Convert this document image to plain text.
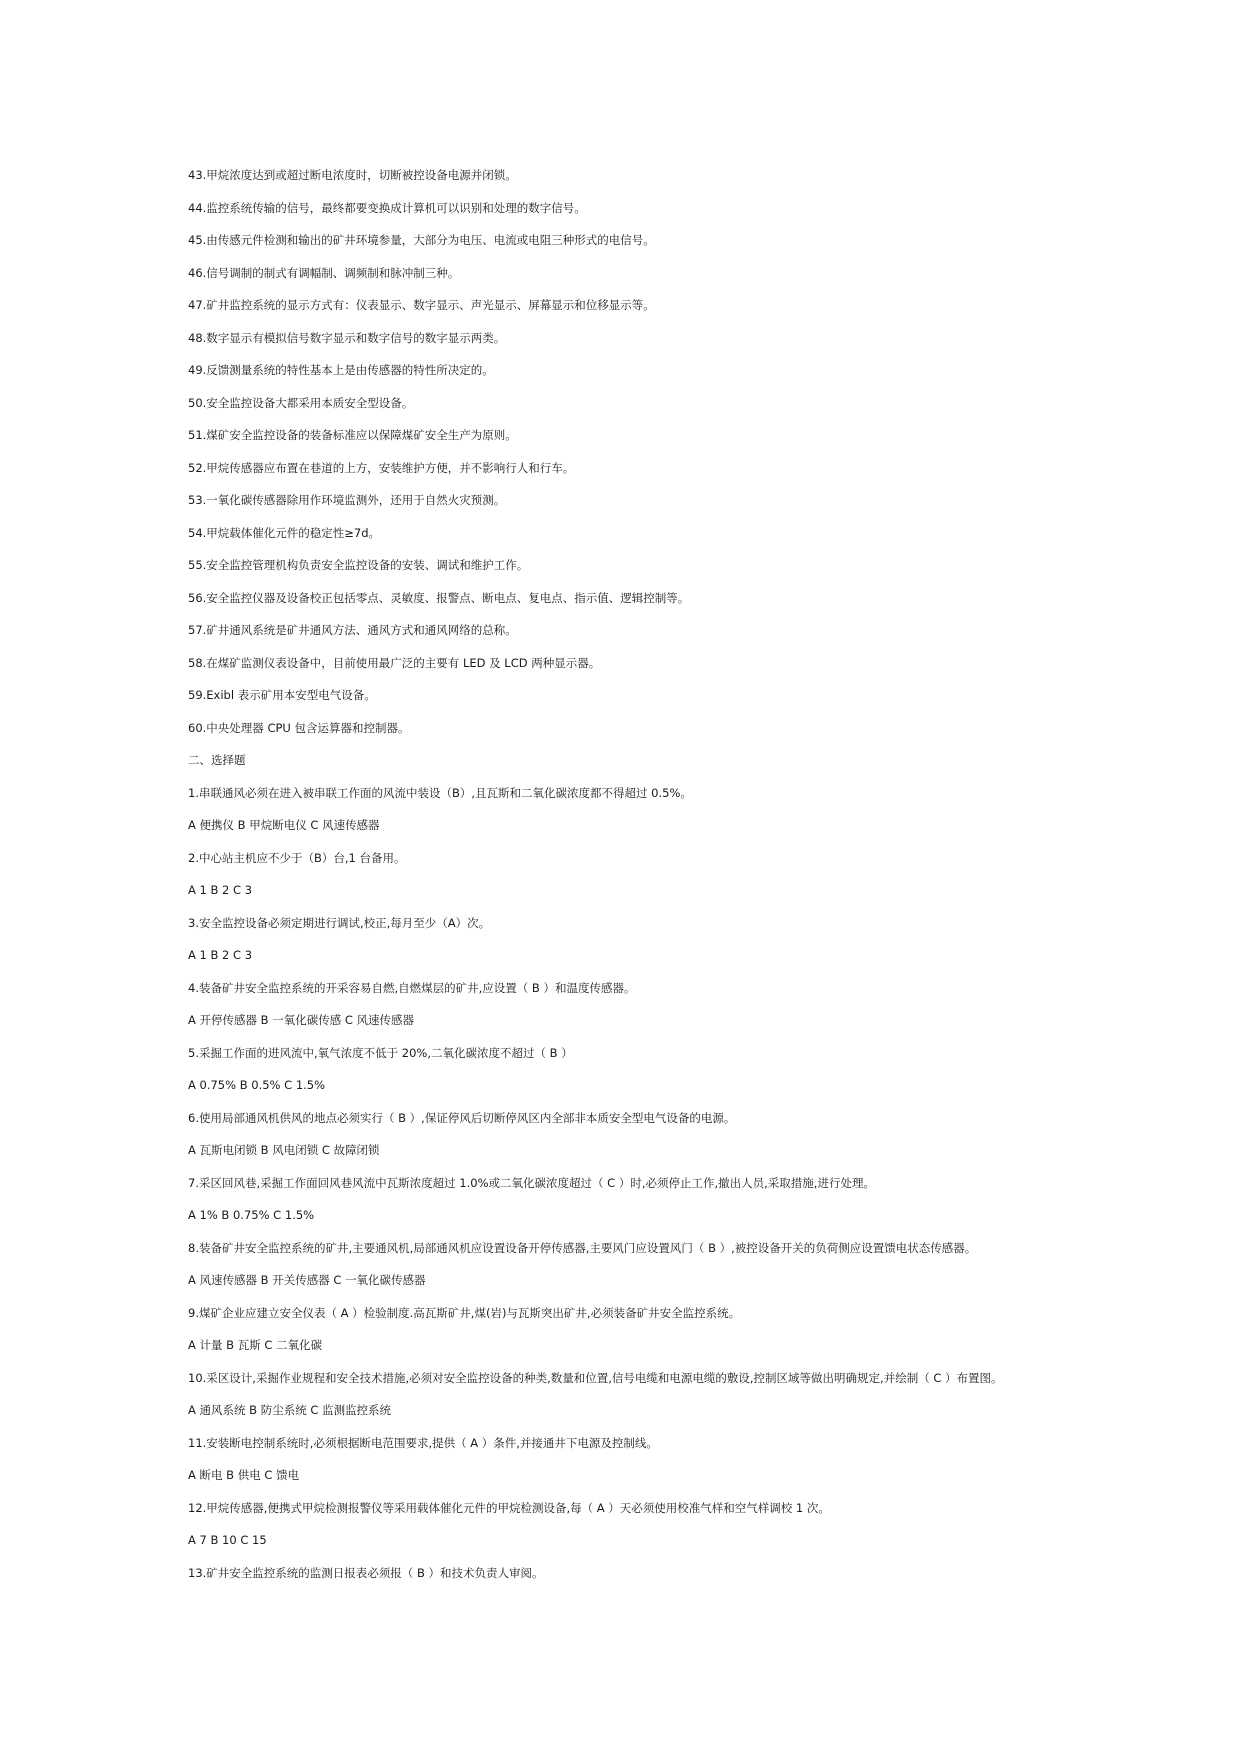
43.甲烷浓度达到或超过断电浓度时，切断被控设备电源并闭锁。
44.监控系统传输的信号，最终都要变换成计算机可以识别和处理的数字信号。
45.由传感元件检测和输出的矿井环境参量，大部分为电压、电流或电阻三种形式的电信号。
46.信号调制的制式有调幅制、调频制和脉冲制三种。
47.矿井监控系统的显示方式有：仪表显示、数字显示、声光显示、屏幕显示和位移显示等。
48.数字显示有模拟信号数字显示和数字信号的数字显示两类。
49.反馈测量系统的特性基本上是由传感器的特性所决定的。
50.安全监控设备大都采用本质安全型设备。
51.煤矿安全监控设备的装备标准应以保障煤矿安全生产为原则。
52.甲烷传感器应布置在巷道的上方，安装维护方便，并不影响行人和行车。
53.一氧化碳传感器除用作环境监测外，还用于自然火灾预测。
54.甲烷载体催化元件的稳定性≥7d。
55.安全监控管理机构负责安全监控设备的安装、调试和维护工作。
56.安全监控仪器及设备校正包括零点、灵敏度、报警点、断电点、复电点、指示值、逻辑控制等。
57.矿井通风系统是矿井通风方法、通风方式和通风网络的总称。
58.在煤矿监测仪表设备中，目前使用最广泛的主要有 LED 及 LCD 两种显示器。
59.Exibl 表示矿用本安型电气设备。
60.中央处理器 CPU 包含运算器和控制器。
二、选择题
1.串联通风必须在进入被串联工作面的风流中装设（B）,且瓦斯和二氧化碳浓度都不得超过 0.5%。
A 便携仪 B 甲烷断电仪 C 风速传感器
2.中心站主机应不少于（B）台,1 台备用。
A 1 B 2 C 3
3.安全监控设备必须定期进行调试,校正,每月至少（A）次。
A 1 B 2 C 3
4.装备矿井安全监控系统的开采容易自燃,自燃煤层的矿井,应设置（ B ）和温度传感器。
A 开停传感器 B 一氧化碳传感 C 风速传感器
5.采掘工作面的进风流中,氧气浓度不低于 20%,二氧化碳浓度不超过（ B ）
A 0.75% B 0.5% C 1.5%
6.使用局部通风机供风的地点必须实行（ B ）,保证停风后切断停风区内全部非本质安全型电气设备的电源。
A 瓦斯电闭锁 B 风电闭锁 C 故障闭锁
7.采区回风巷,采掘工作面回风巷风流中瓦斯浓度超过 1.0%或二氧化碳浓度超过（ C ）时,必须停止工作,撤出人员,采取措施,进行处理。
A 1% B 0.75% C 1.5%
8.装备矿井安全监控系统的矿井,主要通风机,局部通风机应设置设备开停传感器,主要风门应设置风门（ B ）,被控设备开关的负荷侧应设置馈电状态传感器。
A 风速传感器 B 开关传感器 C 一氧化碳传感器
9.煤矿企业应建立安全仪表（ A ）检验制度.高瓦斯矿井,煤(岩)与瓦斯突出矿井,必须装备矿井安全监控系统。
A 计量 B 瓦斯 C 二氧化碳
10.采区设计,采掘作业规程和安全技术措施,必须对安全监控设备的种类,数量和位置,信号电缆和电源电缆的敷设,控制区域等做出明确规定,并绘制（ C ）布置图。
A 通风系统 B 防尘系统 C 监测监控系统
11.安装断电控制系统时,必须根据断电范围要求,提供（ A ）条件,并接通井下电源及控制线。
A 断电 B 供电 C 馈电
12.甲烷传感器,便携式甲烷检测报警仪等采用载体催化元件的甲烷检测设备,每（ A ）天必须使用校准气样和空气样调校 1 次。
A 7 B 10 C 15
13.矿井安全监控系统的监测日报表必须报（ B ）和技术负责人审阅。
